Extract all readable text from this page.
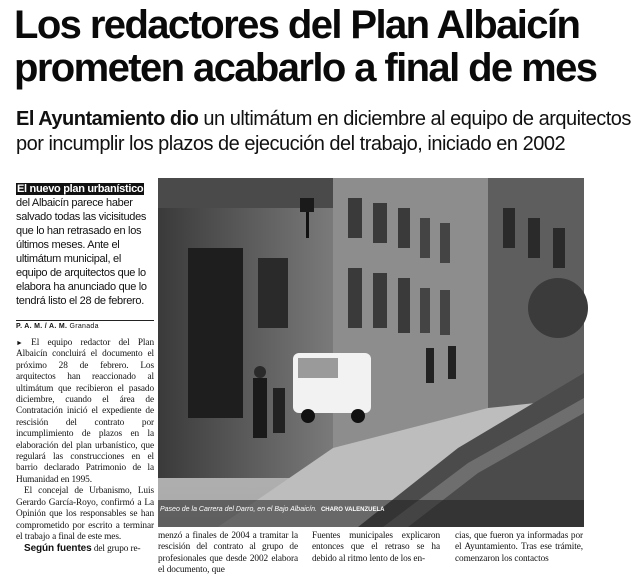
Los redactores del Plan Albaicín
prometen acabarlo a final de mes

El Ayuntamiento dio un ultimátum en diciembre al equipo de arquitectos
por incumplir los plazos de ejecución del trabajo, iniciado en 2002

El nuevo plan urbanístico del Albaicín parece haber salvado todas las vicisitudes que lo han retrasado en los últimos meses. Ante el ultimátum municipal, el equipo de arquitectos que lo elabora ha anunciado que lo tendrá listo el 28 de febrero.

P. A. M. / A. M. Granada

► El equipo redactor del Plan Albaicín concluirá el documento el próximo 28 de febrero. Los arquitectos han reaccionado al ultimátum que recibieron el pasado diciembre, cuando el área de Contratación inició el expediente de rescisión del contrato por incumplimiento de plazos en la elaboración del plan urbanístico, que regulará las construcciones en el barrio declarado Patrimonio de la Humanidad en 1995.

El concejal de Urbanismo, Luis Gerardo García-Royo, confirmó a La Opinión que los responsables se han comprometido por escrito a terminar el trabajo a final de este mes.

Según fuentes del grupo re-

Paseo de la Carrera del Darro, en el Bajo Albaicín. CHARO VALENZUELA

menzó a finales de 2004 a tramitar la rescisión del contrato al grupo de profesionales que desde 2002 elabora el documento, que

Fuentes municipales explicaron entonces que el retraso se ha debido al ritmo lento de los en-

cias, que fueron ya informadas por el Ayuntamiento. Tras ese trámite, comenzaron los contactos
